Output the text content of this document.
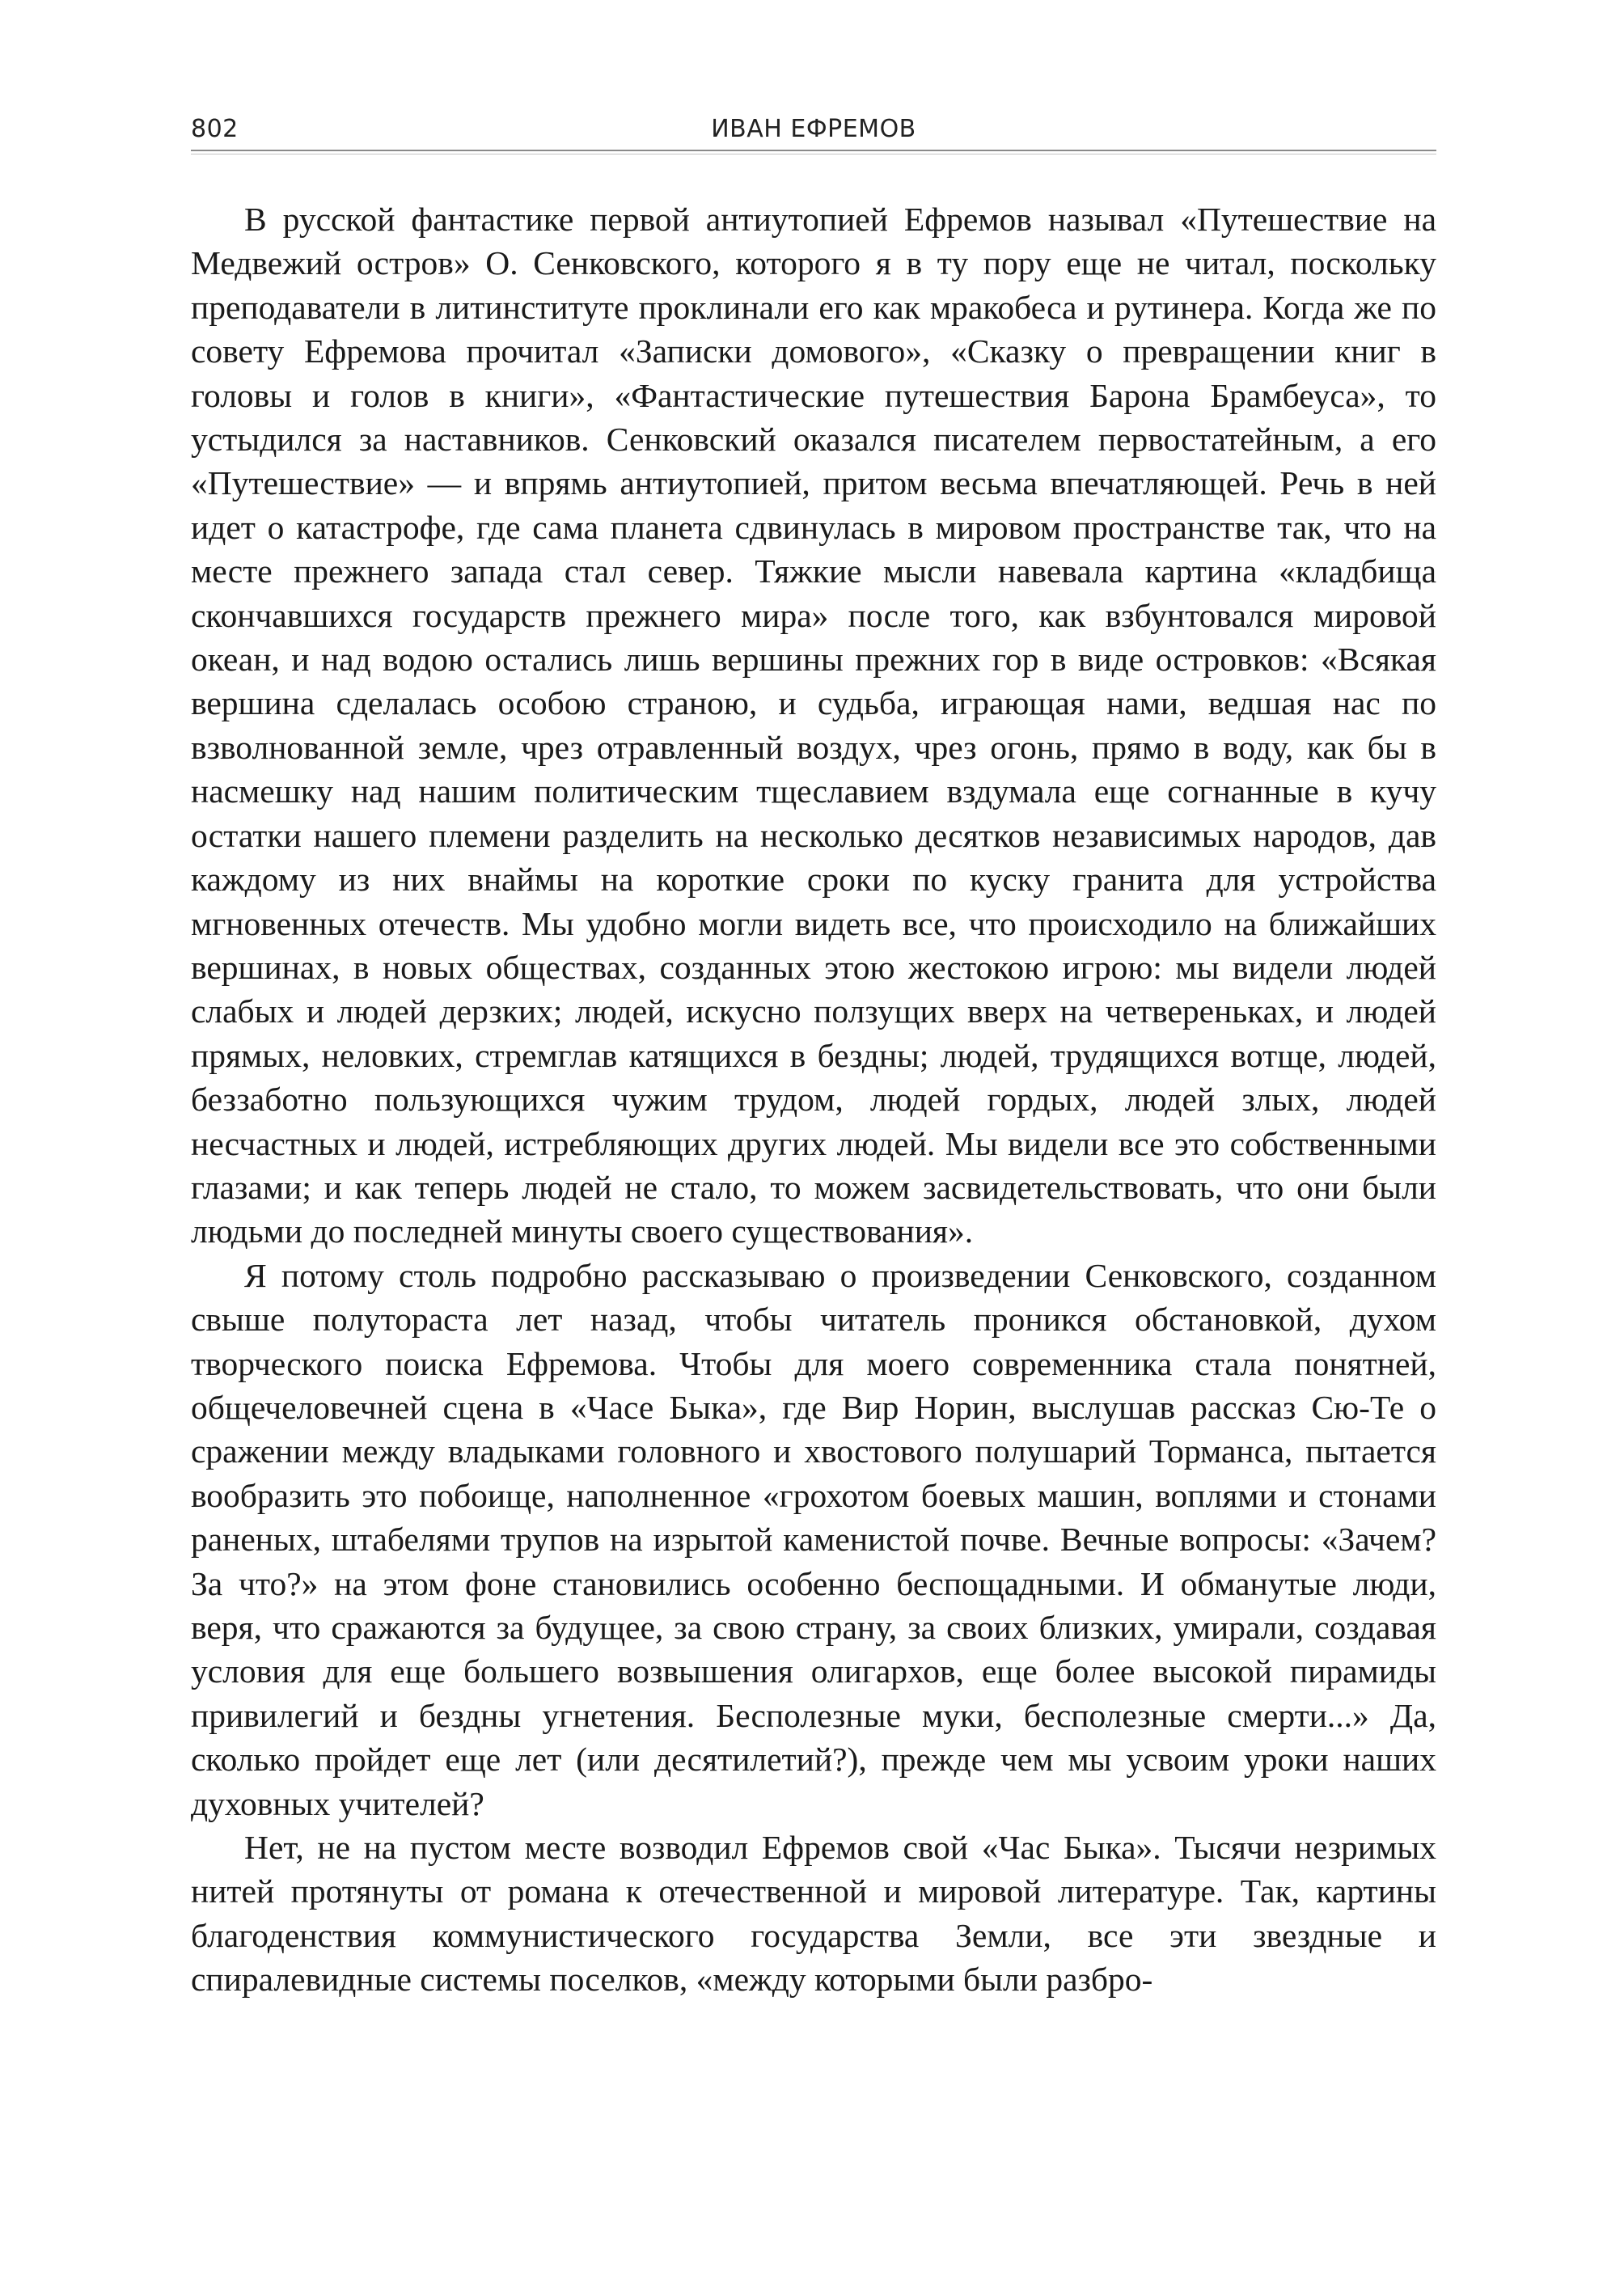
802	ИВАН ЕФРЕМОВ

В русской фантастике первой антиутопией Ефремов называл «Путешествие на Медвежий остров» О. Сенковского, которого я в ту пору еще не читал, поскольку преподаватели в литинституте проклинали его как мракобеса и рутинера. Когда же по совету Ефремова прочитал «Записки домового», «Сказку о превращении книг в головы и голов в книги», «Фантастические путешествия Барона Брамбеуса», то устыдился за наставников. Сенковский оказался писателем первостатейным, а его «Путешествие» — и впрямь антиутопией, притом весьма впечатляющей. Речь в ней идет о катастрофе, где сама планета сдвинулась в мировом пространстве так, что на месте прежнего запада стал север. Тяжкие мысли навевала картина «кладбища скончавшихся государств прежнего мира» после того, как взбунтовался мировой океан, и над водою остались лишь вершины прежних гор в виде островков: «Всякая вершина сделалась особою страною, и судьба, играющая нами, ведшая нас по взволнованной земле, чрез отравленный воздух, чрез огонь, прямо в воду, как бы в насмешку над нашим политическим тщеславием вздумала еще согнанные в кучу остатки нашего племени разделить на несколько десятков независимых народов, дав каждому из них внаймы на короткие сроки по куску гранита для устройства мгновенных отечеств. Мы удобно могли видеть все, что происходило на ближайших вершинах, в новых обществах, созданных этою жестокою игрою: мы видели людей слабых и людей дерзких; людей, искусно ползущих вверх на четвереньках, и людей прямых, неловких, стремглав катящихся в бездны; людей, трудящихся вотще, людей, беззаботно пользующихся чужим трудом, людей гордых, людей злых, людей несчастных и людей, истребляющих других людей. Мы видели все это собственными глазами; и как теперь людей не стало, то можем засвидетельствовать, что они были людьми до последней минуты своего существования».

Я потому столь подробно рассказываю о произведении Сенковского, созданном свыше полутораста лет назад, чтобы читатель проникся обстановкой, духом творческого поиска Ефремова. Чтобы для моего современника стала понятней, общечеловечней сцена в «Часе Быка», где Вир Норин, выслушав рассказ Сю-Те о сражении между владыками головного и хвостового полушарий Торманса, пытается вообразить это побоище, наполненное «грохотом боевых машин, воплями и стонами раненых, штабелями трупов на изрытой каменистой почве. Вечные вопросы: «Зачем? За что?» на этом фоне становились особенно беспощадными. И обманутые люди, веря, что сражаются за будущее, за свою страну, за своих близких, умирали, создавая условия для еще большего возвышения олигархов, еще более высокой пирамиды привилегий и бездны угнетения. Бесполезные муки, бесполезные смерти...» Да, сколько пройдет еще лет (или десятилетий?), прежде чем мы усвоим уроки наших духовных учителей?

Нет, не на пустом месте возводил Ефремов свой «Час Быка». Тысячи незримых нитей протянуты от романа к отечественной и мировой литературе. Так, картины благоденствия коммунистического государства Земли, все эти звездные и спиралевидные системы поселков, «между которыми были разбро-
